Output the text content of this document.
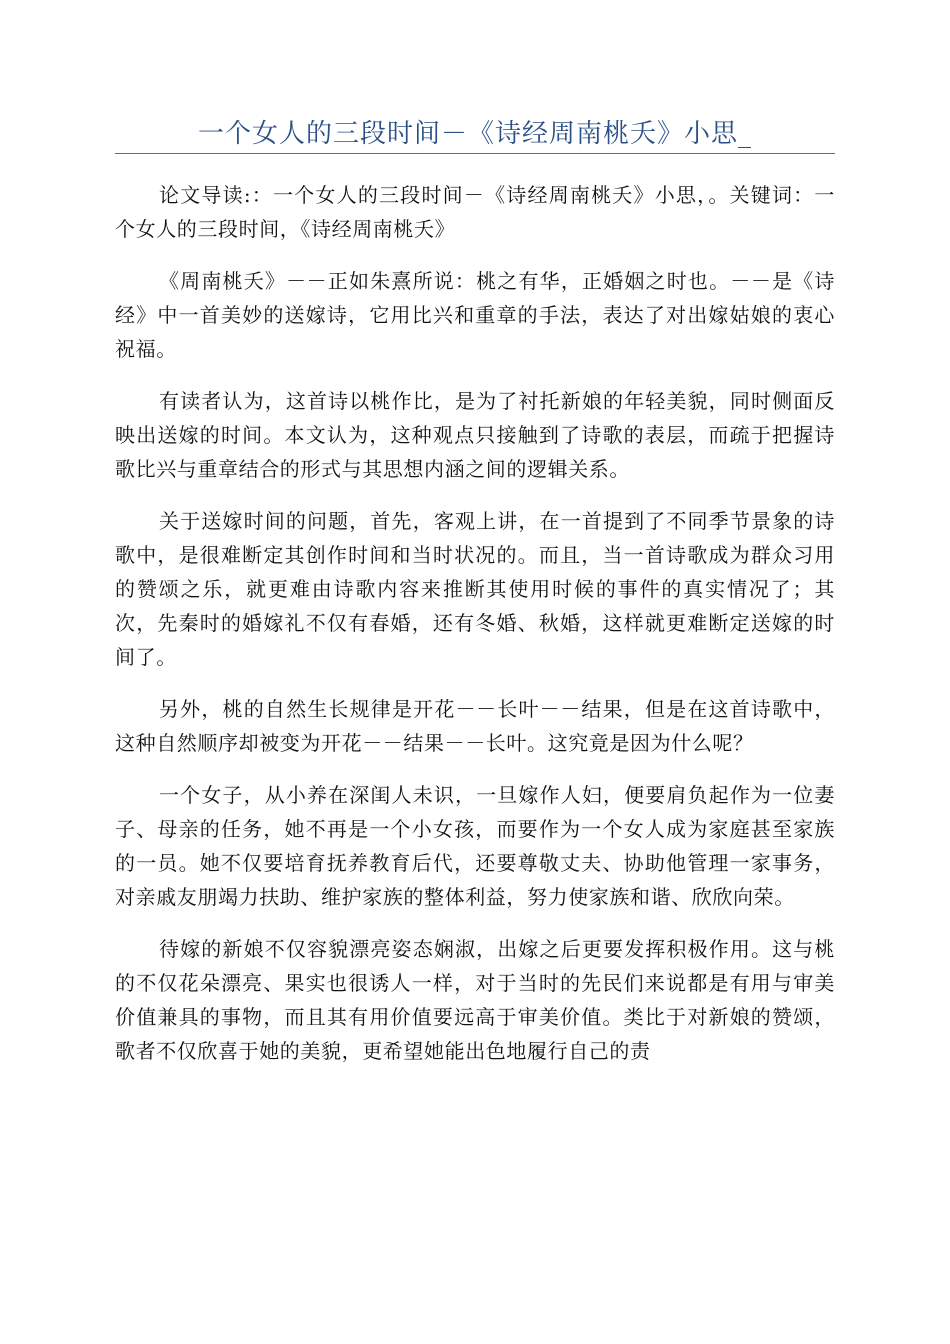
一个女人的三段时间－《诗经周南桃夭》小思_

论文导读:：一个女人的三段时间－《诗经周南桃夭》小思，。关键词：一个女人的三段时间，《诗经周南桃夭》

《周南桃夭》－－正如朱熹所说：桃之有华，正婚姻之时也。－－是《诗经》中一首美妙的送嫁诗，它用比兴和重章的手法，表达了对出嫁姑娘的衷心祝福。

有读者认为，这首诗以桃作比，是为了衬托新娘的年轻美貌，同时侧面反映出送嫁的时间。本文认为，这种观点只接触到了诗歌的表层，而疏于把握诗歌比兴与重章结合的形式与其思想内涵之间的逻辑关系。

关于送嫁时间的问题，首先，客观上讲，在一首提到了不同季节景象的诗歌中，是很难断定其创作时间和当时状况的。而且，当一首诗歌成为群众习用的赞颂之乐，就更难由诗歌内容来推断其使用时候的事件的真实情况了；其次，先秦时的婚嫁礼不仅有春婚，还有冬婚、秋婚，这样就更难断定送嫁的时间了。

另外，桃的自然生长规律是开花－－长叶－－结果，但是在这首诗歌中，这种自然顺序却被变为开花－－结果－－长叶。这究竟是因为什么呢？

一个女子，从小养在深闺人未识，一旦嫁作人妇，便要肩负起作为一位妻子、母亲的任务，她不再是一个小女孩，而要作为一个女人成为家庭甚至家族的一员。她不仅要培育抚养教育后代，还要尊敬丈夫、协助他管理一家事务，对亲戚友朋竭力扶助、维护家族的整体利益，努力使家族和谐、欣欣向荣。

待嫁的新娘不仅容貌漂亮姿态娴淑，出嫁之后更要发挥积极作用。这与桃的不仅花朵漂亮、果实也很诱人一样，对于当时的先民们来说都是有用与审美价值兼具的事物，而且其有用价值要远高于审美价值。类比于对新娘的赞颂，歌者不仅欣喜于她的美貌，更希望她能出色地履行自己的责
